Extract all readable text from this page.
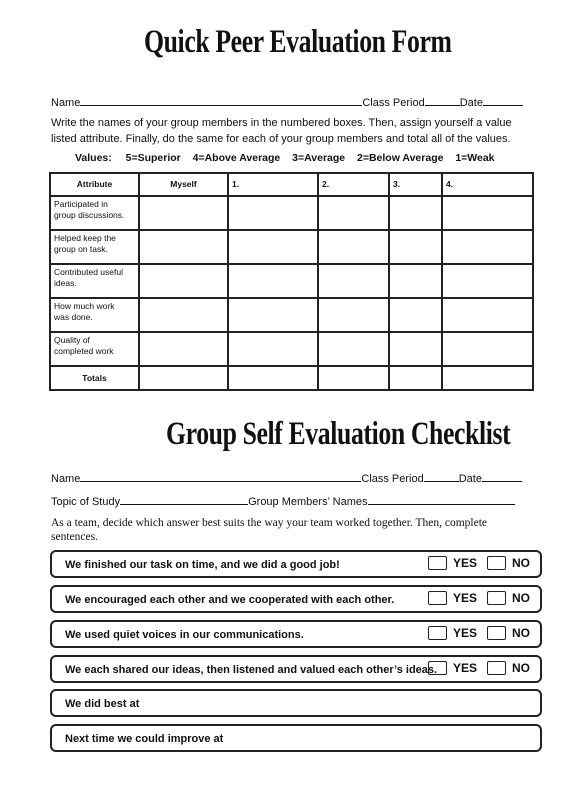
Quick Peer Evaluation Form
Name	Class Period	Date
Write the names of your group members in the numbered boxes. Then, assign yourself a value
listed attribute. Finally, do the same for each of your group members and total all of the values.
Values: 5=Superior 4=Above Average 3=Average 2=Below Average 1=Weak
Attribute	Myself	1.	2.	3.	4.
Participated in
group discussions.					
Helped keep the
group on task.					
Contributed useful
ideas.					
How much work
was done.					
Quality of
completed work					
Totals					
Group Self Evaluation Checklist
Name	Class Period	Date
Topic of Study	Group Members’ Names
As a team, decide which answer best suits the way your team worked together. Then, complete
sentences.
We finished our task on time, and we did a good job!	YES	NO
We encouraged each other and we cooperated with each other.	YES	NO
We used quiet voices in our communications.	YES	NO
We each shared our ideas, then listened and valued each other’s ideas. YES	NO
We did best at
Next time we could improve at
